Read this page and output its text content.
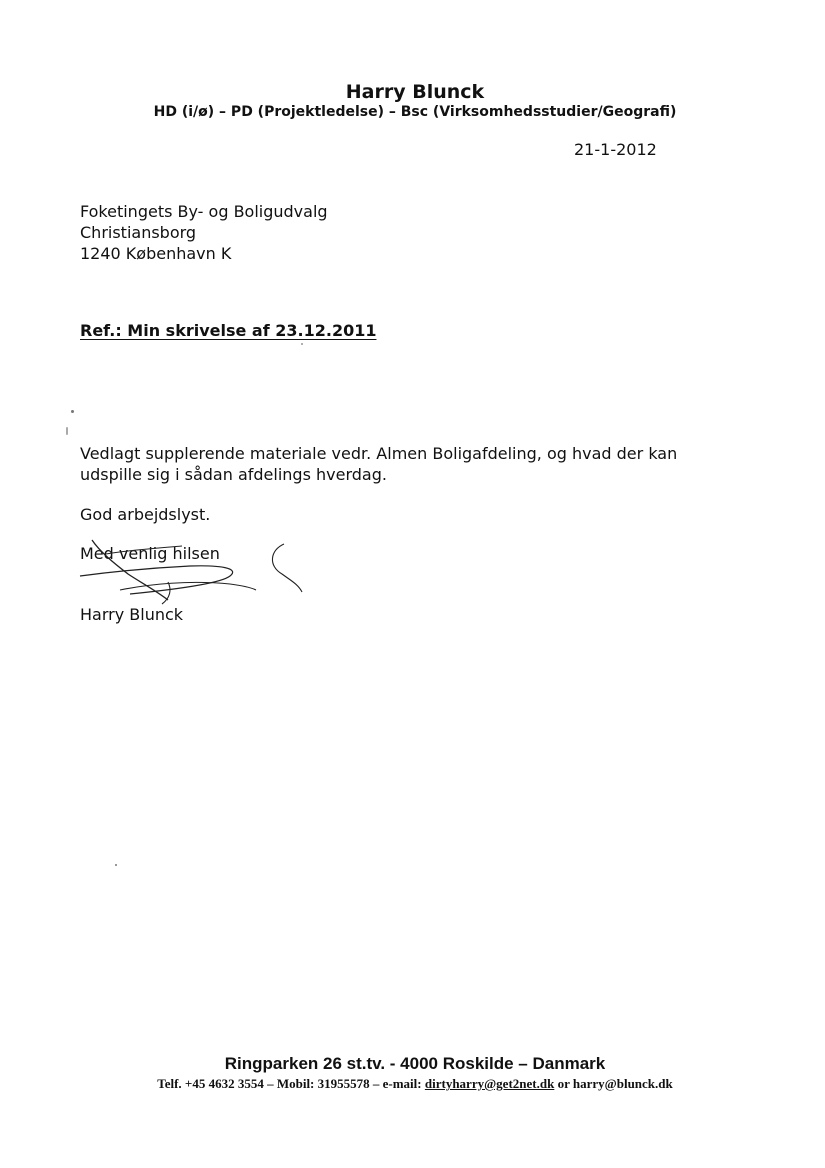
Harry Blunck
HD (i/ø) – PD (Projektledelse) – Bsc (Virksomhedsstudier/Geografi)
21-1-2012
Foketingets By- og Boligudvalg
Christiansborg
1240 København K
Ref.: Min skrivelse af 23.12.2011
Vedlagt supplerende materiale vedr. Almen Boligafdeling, og hvad der kan
udspille sig i sådan afdelings hverdag.
God arbejdslyst.
Med venlig hilsen
Harry Blunck
Ringparken 26 st.tv. - 4000 Roskilde – Danmark
Telf. +45 4632 3554 – Mobil: 31955578 – e-mail: dirtyharry@get2net.dk or harry@blunck.dk
